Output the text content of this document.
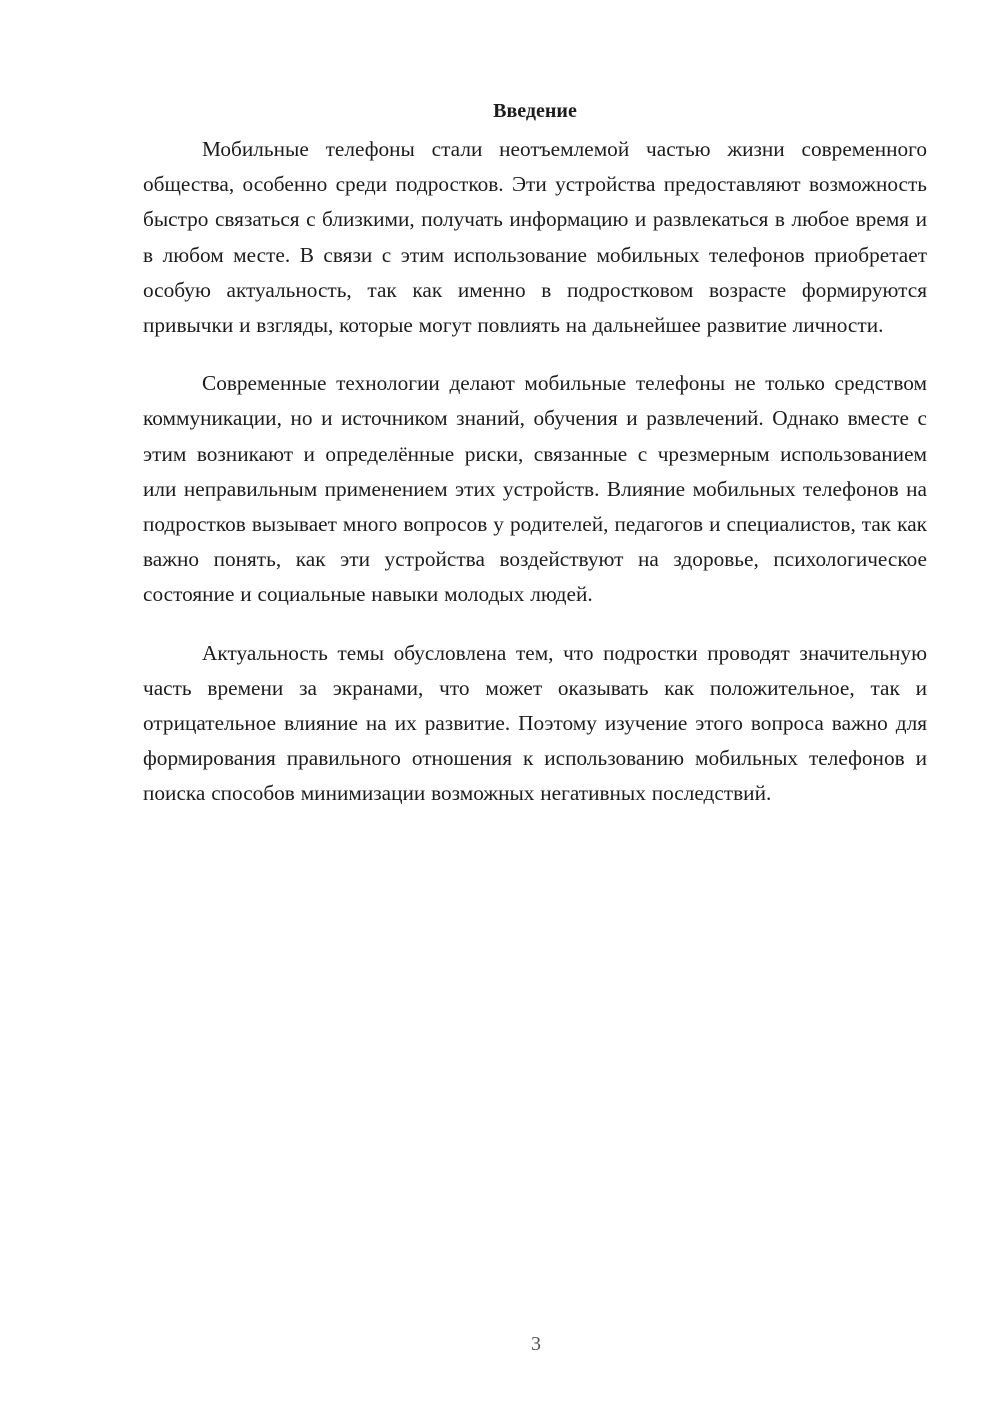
Введение

Мобильные телефоны стали неотъемлемой частью жизни современного общества, особенно среди подростков. Эти устройства предоставляют возможность быстро связаться с близкими, получать информацию и развлекаться в любое время и в любом месте. В связи с этим использование мобильных телефонов приобретает особую актуальность, так как именно в подростковом возрасте формируются привычки и взгляды, которые могут повлиять на дальнейшее развитие личности.

Современные технологии делают мобильные телефоны не только средством коммуникации, но и источником знаний, обучения и развлечений. Однако вместе с этим возникают и определённые риски, связанные с чрезмерным использованием или неправильным применением этих устройств. Влияние мобильных телефонов на подростков вызывает много вопросов у родителей, педагогов и специалистов, так как важно понять, как эти устройства воздействуют на здоровье, психологическое состояние и социальные навыки молодых людей.

Актуальность темы обусловлена тем, что подростки проводят значительную часть времени за экранами, что может оказывать как положительное, так и отрицательное влияние на их развитие. Поэтому изучение этого вопроса важно для формирования правильного отношения к использованию мобильных телефонов и поиска способов минимизации возможных негативных последствий.

3
